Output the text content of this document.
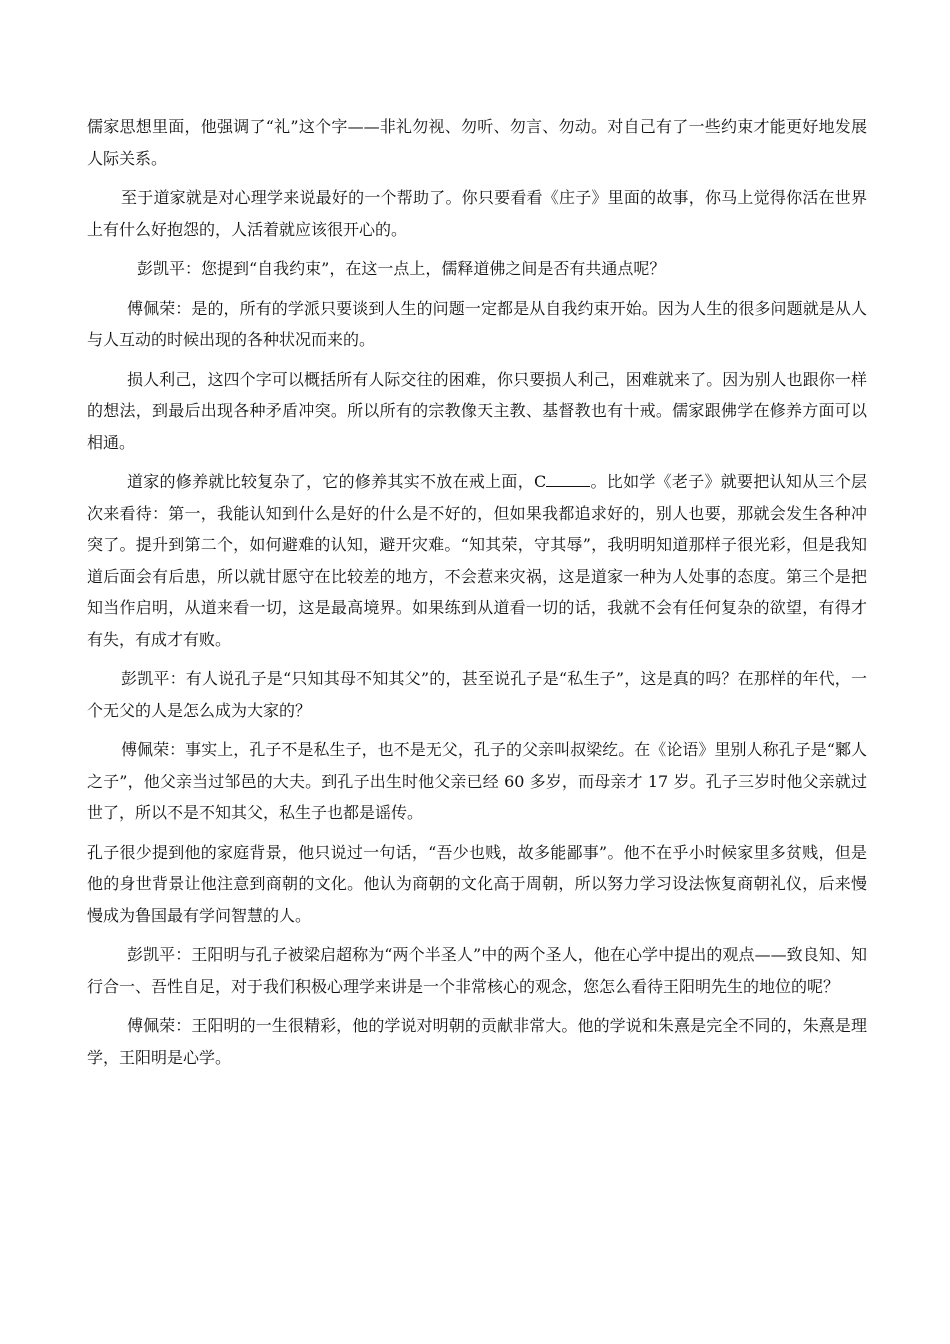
儒家思想里面，他强调了“礼”这个字——非礼勿视、勿听、勿言、勿动。对自己有了一些约束才能更好地发展人际关系。

至于道家就是对心理学来说最好的一个帮助了。你只要看看《庄子》里面的故事，你马上觉得你活在世界上有什么好抱怨的，人活着就应该很开心的。

彭凯平：您提到“自我约束”，在这一点上，儒释道佛之间是否有共通点呢？

傅佩荣：是的，所有的学派只要谈到人生的问题一定都是从自我约束开始。因为人生的很多问题就是从人与人互动的时候出现的各种状况而来的。

损人利己，这四个字可以概括所有人际交往的困难，你只要损人利己，困难就来了。因为别人也跟你一样的想法，到最后出现各种矛盾冲突。所以所有的宗教像天主教、基督教也有十戒。儒家跟佛学在修养方面可以相通。

道家的修养就比较复杂了，它的修养其实不放在戒上面，C	。比如学《老子》就要把认知从三个层次来看待：第一，我能认知到什么是好的什么是不好的，但如果我都追求好的，别人也要，那就会发生各种冲突了。提升到第二个，如何避难的认知，避开灾难。“知其荣，守其辱”，我明明知道那样子很光彩，但是我知道后面会有后患，所以就甘愿守在比较差的地方，不会惹来灾祸，这是道家一种为人处事的态度。第三个是把知当作启明，从道来看一切，这是最高境界。如果练到从道看一切的话，我就不会有任何复杂的欲望，有得才有失，有成才有败。

彭凯平：有人说孔子是“只知其母不知其父”的，甚至说孔子是“私生子”，这是真的吗？在那样的年代，一个无父的人是怎么成为大家的？

傅佩荣：事实上，孔子不是私生子，也不是无父，孔子的父亲叫叔梁纥。在《论语》里别人称孔子是“鄹人之子”，他父亲当过邹邑的大夫。到孔子出生时他父亲已经 60 多岁，而母亲才 17 岁。孔子三岁时他父亲就过世了，所以不是不知其父，私生子也都是谣传。

孔子很少提到他的家庭背景，他只说过一句话，“吾少也贱，故多能鄙事”。他不在乎小时候家里多贫贱，但是他的身世背景让他注意到商朝的文化。他认为商朝的文化高于周朝，所以努力学习设法恢复商朝礼仪，后来慢慢成为鲁国最有学问智慧的人。

彭凯平：王阳明与孔子被梁启超称为“两个半圣人”中的两个圣人，他在心学中提出的观点——致良知、知行合一、吾性自足，对于我们积极心理学来讲是一个非常核心的观念，您怎么看待王阳明先生的地位的呢？

傅佩荣：王阳明的一生很精彩，他的学说对明朝的贡献非常大。他的学说和朱熹是完全不同的，朱熹是理学，王阳明是心学。
